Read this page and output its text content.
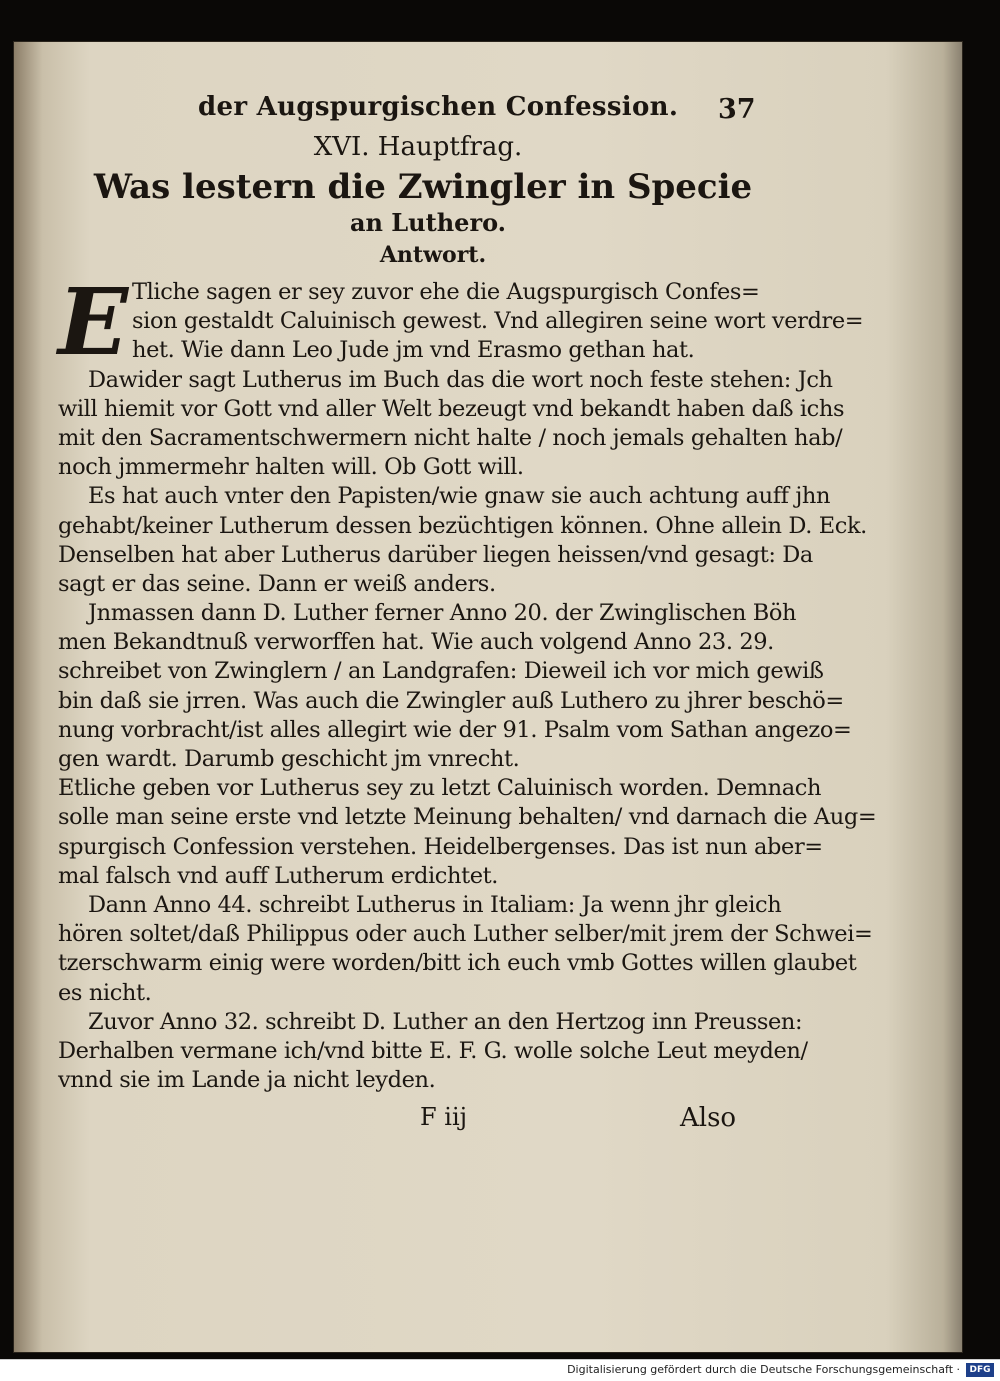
der Augspurgischen Confession. 37
XVI. Hauptfrag.
Was lestern die Zwingler in Specie
an Luthero.
Antwort.
E Tliche sagen er sey zuvor ehe die Augspurgisch Confes=
sion gestaldt Caluinisch gewest. Vnd allegiren seine wort verdre=
het. Wie dann Leo Jude jm vnd Erasmo gethan hat.
Dawider sagt Lutherus im Buch das die wort noch feste stehen: Jch
will hiemit vor Gott vnd aller Welt bezeugt vnd bekandt haben daß ichs
mit den Sacramentschwermern nicht halte / noch jemals gehalten hab/
noch jmmermehr halten will. Ob Gott will.
Es hat auch vnter den Papisten/wie gnaw sie auch achtung auff jhn
gehabt/keiner Lutherum dessen bezüchtigen können. Ohne allein D. Eck.
Denselben hat aber Lutherus darüber liegen heissen/vnd gesagt: Da
sagt er das seine. Dann er weiß anders.
Jnmassen dann D. Luther ferner Anno 20. der Zwinglischen Böh
men Bekandtnuß verworffen hat. Wie auch volgend Anno 23. 29.
schreibet von Zwinglern / an Landgrafen: Dieweil ich vor mich gewiß
bin daß sie jrren. Was auch die Zwingler auß Luthero zu jhrer beschö=
nung vorbracht/ist alles allegirt wie der 91. Psalm vom Sathan angezo=
gen wardt. Darumb geschicht jm vnrecht.
Etliche geben vor Lutherus sey zu letzt Caluinisch worden. Demnach
solle man seine erste vnd letzte Meinung behalten/ vnd darnach die Aug=
spurgisch Confession verstehen. Heidelbergenses. Das ist nun aber=
mal falsch vnd auff Lutherum erdichtet.
Dann Anno 44. schreibt Lutherus in Italiam: Ja wenn jhr gleich
hören soltet/daß Philippus oder auch Luther selber/mit jrem der Schwei=
tzerschwarm einig were worden/bitt ich euch vmb Gottes willen glaubet
es nicht.
Zuvor Anno 32. schreibt D. Luther an den Hertzog inn Preussen:
Derhalben vermane ich/vnd bitte E. F. G. wolle solche Leut meyden/
vnnd sie im Lande ja nicht leyden.
F iij	Also
Digitalisierung gefördert durch die Deutsche Forschungsgemeinschaft ·	DFG
